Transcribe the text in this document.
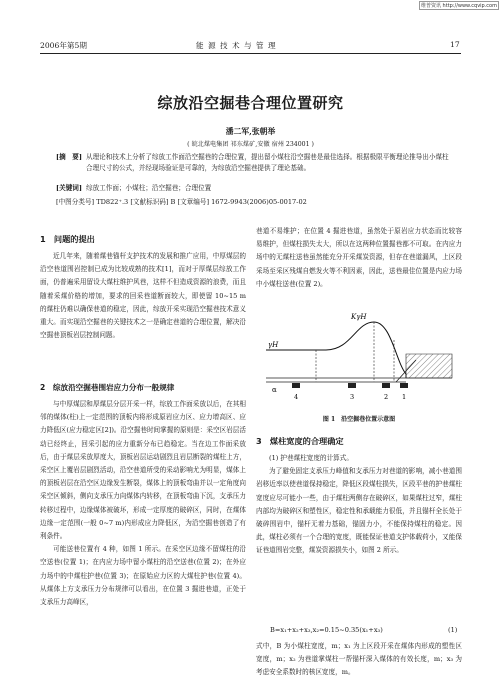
维普资讯 http://www.cqvip.com
2006年第5期	能 源 技 术 与 管 理	17
综放沿空掘巷合理位置研究
潘二军,张朝举
( 皖北煤电集团 祁东煤矿,安徽 宿州 234001 )
[摘　要] 从理论和技术上分析了综放工作面沿空掘巷的合理位置，提出留小煤柱沿空掘巷是最佳选择。根据极限平衡理论推导出小煤柱合理尺寸的公式，并经现场验证是可靠的，为综放沿空掘巷提供了理论基础。
[关键词] 综放工作面；小煤柱；沿空掘巷；合理位置
[中图分类号] TD822⁺.3 [文献标识码] B [文章编号] 1672-9943(2006)05-0017-02
1　问题的提出

近几年来，随着煤巷锚杆支护技术的发展和推广应用，中厚煤层的沿空巷道围岩控制已成为比较成熟的技术[1]，而对于厚煤层综放工作面，仍普遍采用留设大煤柱维护风巷，这样不但造成资源的浪费，而且随着采煤价格的增加，要求的回采巷道断面较大，即使留 10~15 m 的煤柱仍难以确保巷道的稳定，因此，综放开采实现沿空掘巷技术意义重大。而实现沿空掘巷的关键技术之一是确定巷道的合理位置，解决沿空掘巷顶板岩层控制问题。

2　综放沿空掘巷围岩应力分布一般规律

与中厚煤层和厚煤层分层开采一样，综放工作面采放以后，在其相邻的煤体(柱)上一定范围的顶板内将形成原岩应力区、应力增高区、应力降低区(应力稳定区[2])。沿空掘巷时间掌握的原则是：采空区岩层活动已经终止，回采引起的应力重新分布已趋稳定。当在边工作面采放后，由于煤层采放厚度大，顶板岩层运动剧烈且岩层断裂的煤柱上方，采空区上覆岩层剧烈活动，沿空巷道所受的采动影响尤为明显，煤体上的顶板岩层在沿空区边缘发生断裂，煤体上的顶板弯曲并以一定角度向采空区倾斜，侧向支承压力向煤体内转移，在顶板弯曲下沉，支承压力转移过程中，边缘煤体被破坏，形成一定厚度的破碎区，同时，在煤体边缘一定范围(一般 0~7 m)内形成应力降低区，为沿空掘巷创造了有利条件。

可能送巷位置有 4 种，如图 1 所示。在采空区边缘不留煤柱的沿空送巷(位置 1)；在内应力场中留小煤柱的沿空送巷(位置 2)；在外应力场中的中煤柱护巷(位置 3)；在原始应力区的大煤柱护巷(位置 4)。从煤体上方支承压力分布规律可以看出，在位置 3 掘进巷道，正处于支承压力高峰区，

巷道不易维护；在位置 4 掘进巷道，虽然处于原岩应力状态而比较容易维护，但煤柱损失太大，所以在这两种位置掘巷都不可取。在内应力场中的无煤柱送巷虽然能充分开采煤炭资源，但存在巷道漏风，上区段采场至采区残煤自燃发火等不利因素，因此，送巷最佳位置是内应力场中小煤柱送巷(位置 2)。

KγH
γH
α
4	3	2 1
图 1　沿空掘巷位置示意图
3　煤柱宽度的合理确定

(1) 护巷煤柱宽度的计算式。

为了避免固定支承压力峰值和支承压力对巷道的影响，减小巷道围岩移近率以使巷道保持稳定，降低区段煤柱损失，区段平巷的护巷煤柱宽度应尽可能小一些，由于煤柱两侧存在破碎区，如果煤柱过窄，煤柱内部均为破碎区和塑性区，稳定性和承载能力很低，并且锚杆全长处于破碎围岩中，锚杆无着力基础，锚固力小，不能保持煤柱的稳定。因此，煤柱必须有一个合理的宽度，既能保证巷道支护体载荷小，又能保证巷道围岩完整，煤炭资源损失小，如图 2 所示。

B=x₁+x₂+x₃,x₂=0.15~0.35(x₁+x₃)	(1)

式中，B 为小煤柱宽度，m；x₁ 为上区段开采在煤体内形成的塑性区宽度，m；x₂ 为巷道掌煤柱一帮锚杆深入煤体的有效长度，m；x₃ 为考虑安全系数时的核区宽度，m。
